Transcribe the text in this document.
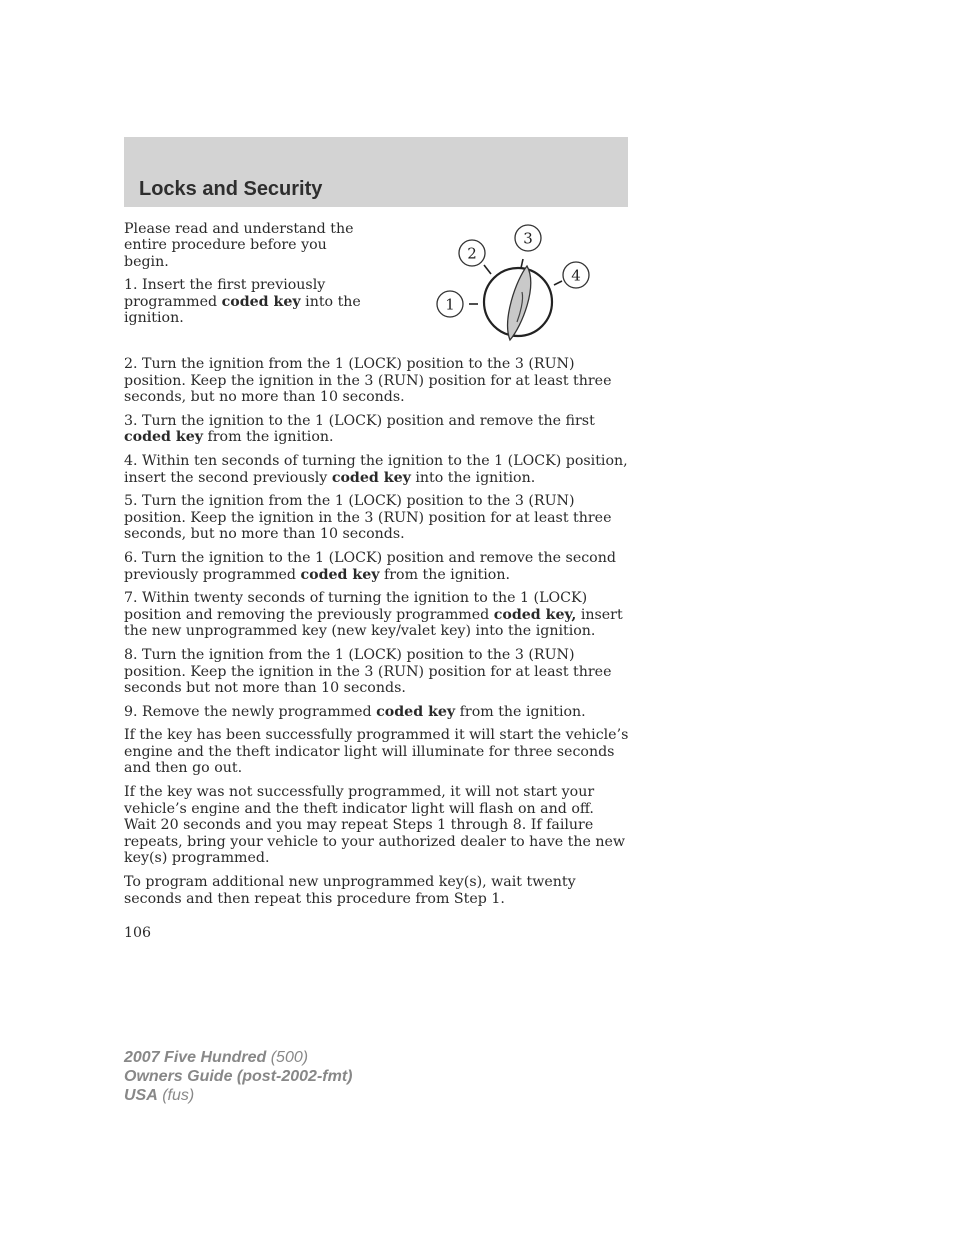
Locks and Security

Please read and understand the entire procedure before you begin.

1. Insert the first previously programmed coded key into the ignition.

1
2
3
4

2. Turn the ignition from the 1 (LOCK) position to the 3 (RUN) position. Keep the ignition in the 3 (RUN) position for at least three seconds, but no more than 10 seconds.

3. Turn the ignition to the 1 (LOCK) position and remove the first coded key from the ignition.

4. Within ten seconds of turning the ignition to the 1 (LOCK) position, insert the second previously coded key into the ignition.

5. Turn the ignition from the 1 (LOCK) position to the 3 (RUN) position. Keep the ignition in the 3 (RUN) position for at least three seconds, but no more than 10 seconds.

6. Turn the ignition to the 1 (LOCK) position and remove the second previously programmed coded key from the ignition.

7. Within twenty seconds of turning the ignition to the 1 (LOCK) position and removing the previously programmed coded key, insert the new unprogrammed key (new key/valet key) into the ignition.

8. Turn the ignition from the 1 (LOCK) position to the 3 (RUN) position. Keep the ignition in the 3 (RUN) position for at least three seconds but not more than 10 seconds.

9. Remove the newly programmed coded key from the ignition.

If the key has been successfully programmed it will start the vehicle’s engine and the theft indicator light will illuminate for three seconds and then go out.

If the key was not successfully programmed, it will not start your vehicle’s engine and the theft indicator light will flash on and off. Wait 20 seconds and you may repeat Steps 1 through 8. If failure repeats, bring your vehicle to your authorized dealer to have the new key(s) programmed.

To program additional new unprogrammed key(s), wait twenty seconds and then repeat this procedure from Step 1.

106
2007 Five Hundred (500)
Owners Guide (post-2002-fmt)
USA (fus)
